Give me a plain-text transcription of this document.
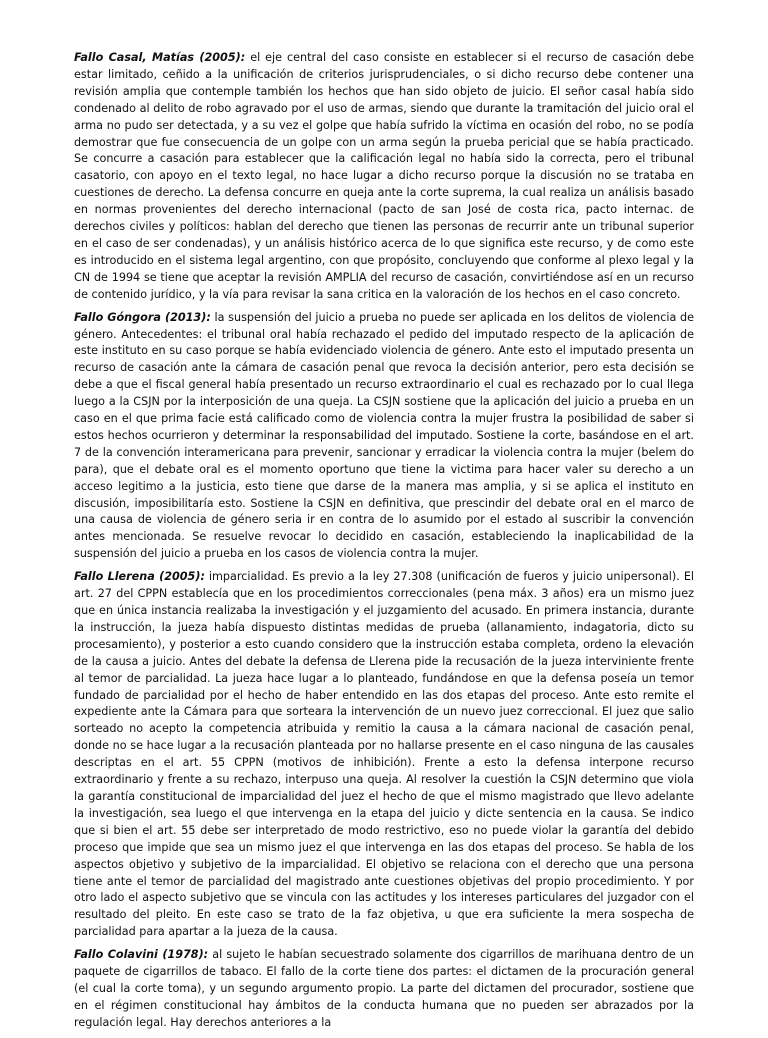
Fallo Casal, Matías (2005): el eje central del caso consiste en establecer si el recurso de casación debe estar limitado, ceñido a la unificación de criterios jurisprudenciales, o si dicho recurso debe contener una revisión amplia que contemple también los hechos que han sido objeto de juicio. El señor casal había sido condenado al delito de robo agravado por el uso de armas, siendo que durante la tramitación del juicio oral el arma no pudo ser detectada, y a su vez el golpe que había sufrido la víctima en ocasión del robo, no se podía demostrar que fue consecuencia de un golpe con un arma según la prueba pericial que se había practicado. Se concurre a casación para establecer que la calificación legal no había sido la correcta, pero el tribunal casatorio, con apoyo en el texto legal, no hace lugar a dicho recurso porque la discusión no se trataba en cuestiones de derecho. La defensa concurre en queja ante la corte suprema, la cual realiza un análisis basado en normas provenientes del derecho internacional (pacto de san José de costa rica, pacto internac. de derechos civiles y políticos: hablan del derecho que tienen las personas de recurrir ante un tribunal superior en el caso de ser condenadas), y un análisis histórico acerca de lo que significa este recurso, y de como este es introducido en el sistema legal argentino, con que propósito, concluyendo que conforme al plexo legal y la CN de 1994 se tiene que aceptar la revisión AMPLIA del recurso de casación, convirtiéndose así en un recurso de contenido jurídico, y la vía para revisar la sana critica en la valoración de los hechos en el caso concreto.

Fallo Góngora (2013): la suspensión del juicio a prueba no puede ser aplicada en los delitos de violencia de género. Antecedentes: el tribunal oral había rechazado el pedido del imputado respecto de la aplicación de este instituto en su caso porque se había evidenciado violencia de género. Ante esto el imputado presenta un recurso de casación ante la cámara de casación penal que revoca la decisión anterior, pero esta decisión se debe a que el fiscal general había presentado un recurso extraordinario el cual es rechazado por lo cual llega luego a la CSJN por la interposición de una queja. La CSJN sostiene que la aplicación del juicio a prueba en un caso en el que prima facie está calificado como de violencia contra la mujer frustra la posibilidad de saber si estos hechos ocurrieron y determinar la responsabilidad del imputado. Sostiene la corte, basándose en el art. 7 de la convención interamericana para prevenir, sancionar y erradicar la violencia contra la mujer (belem do para), que el debate oral es el momento oportuno que tiene la victima para hacer valer su derecho a un acceso legitimo a la justicia, esto tiene que darse de la manera mas amplia, y si se aplica el instituto en discusión, imposibilitaría esto. Sostiene la CSJN en definitiva, que prescindir del debate oral en el marco de una causa de violencia de género seria ir en contra de lo asumido por el estado al suscribir la convención antes mencionada. Se resuelve revocar lo decidido en casación, estableciendo la inaplicabilidad de la suspensión del juicio a prueba en los casos de violencia contra la mujer.

Fallo Llerena (2005): imparcialidad. Es previo a la ley 27.308 (unificación de fueros y juicio unipersonal). El art. 27 del CPPN establecía que en los procedimientos correccionales (pena máx. 3 años) era un mismo juez que en única instancia realizaba la investigación y el juzgamiento del acusado. En primera instancia, durante la instrucción, la jueza había dispuesto distintas medidas de prueba (allanamiento, indagatoria, dicto su procesamiento), y posterior a esto cuando considero que la instrucción estaba completa, ordeno la elevación de la causa a juicio. Antes del debate la defensa de Llerena pide la recusación de la jueza interviniente frente al temor de parcialidad. La jueza hace lugar a lo planteado, fundándose en que la defensa poseía un temor fundado de parcialidad por el hecho de haber entendido en las dos etapas del proceso. Ante esto remite el expediente ante la Cámara para que sorteara la intervención de un nuevo juez correccional. El juez que salio sorteado no acepto la competencia atribuida y remitio la causa a la cámara nacional de casación penal, donde no se hace lugar a la recusación planteada por no hallarse presente en el caso ninguna de las causales descriptas en el art. 55 CPPN (motivos de inhibición). Frente a esto la defensa interpone recurso extraordinario y frente a su rechazo, interpuso una queja. Al resolver la cuestión la CSJN determino que viola la garantía constitucional de imparcialidad del juez el hecho de que el mismo magistrado que llevo adelante la investigación, sea luego el que intervenga en la etapa del juicio y dicte sentencia en la causa. Se indico que si bien el art. 55 debe ser interpretado de modo restrictivo, eso no puede violar la garantía del debido proceso que impide que sea un mismo juez el que intervenga en las dos etapas del proceso. Se habla de los aspectos objetivo y subjetivo de la imparcialidad. El objetivo se relaciona con el derecho que una persona tiene ante el temor de parcialidad del magistrado ante cuestiones objetivas del propio procedimiento. Y por otro lado el aspecto subjetivo que se vincula con las actitudes y los intereses particulares del juzgador con el resultado del pleito. En este caso se trato de la faz objetiva, u que era suficiente la mera sospecha de parcialidad para apartar a la jueza de la causa.

Fallo Colavini (1978): al sujeto le habían secuestrado solamente dos cigarrillos de marihuana dentro de un paquete de cigarrillos de tabaco. El fallo de la corte tiene dos partes: el dictamen de la procuración general (el cual la corte toma), y un segundo argumento propio. La parte del dictamen del procurador, sostiene que en el régimen constitucional hay ámbitos de la conducta humana que no pueden ser abrazados por la regulación legal. Hay derechos anteriores a la
